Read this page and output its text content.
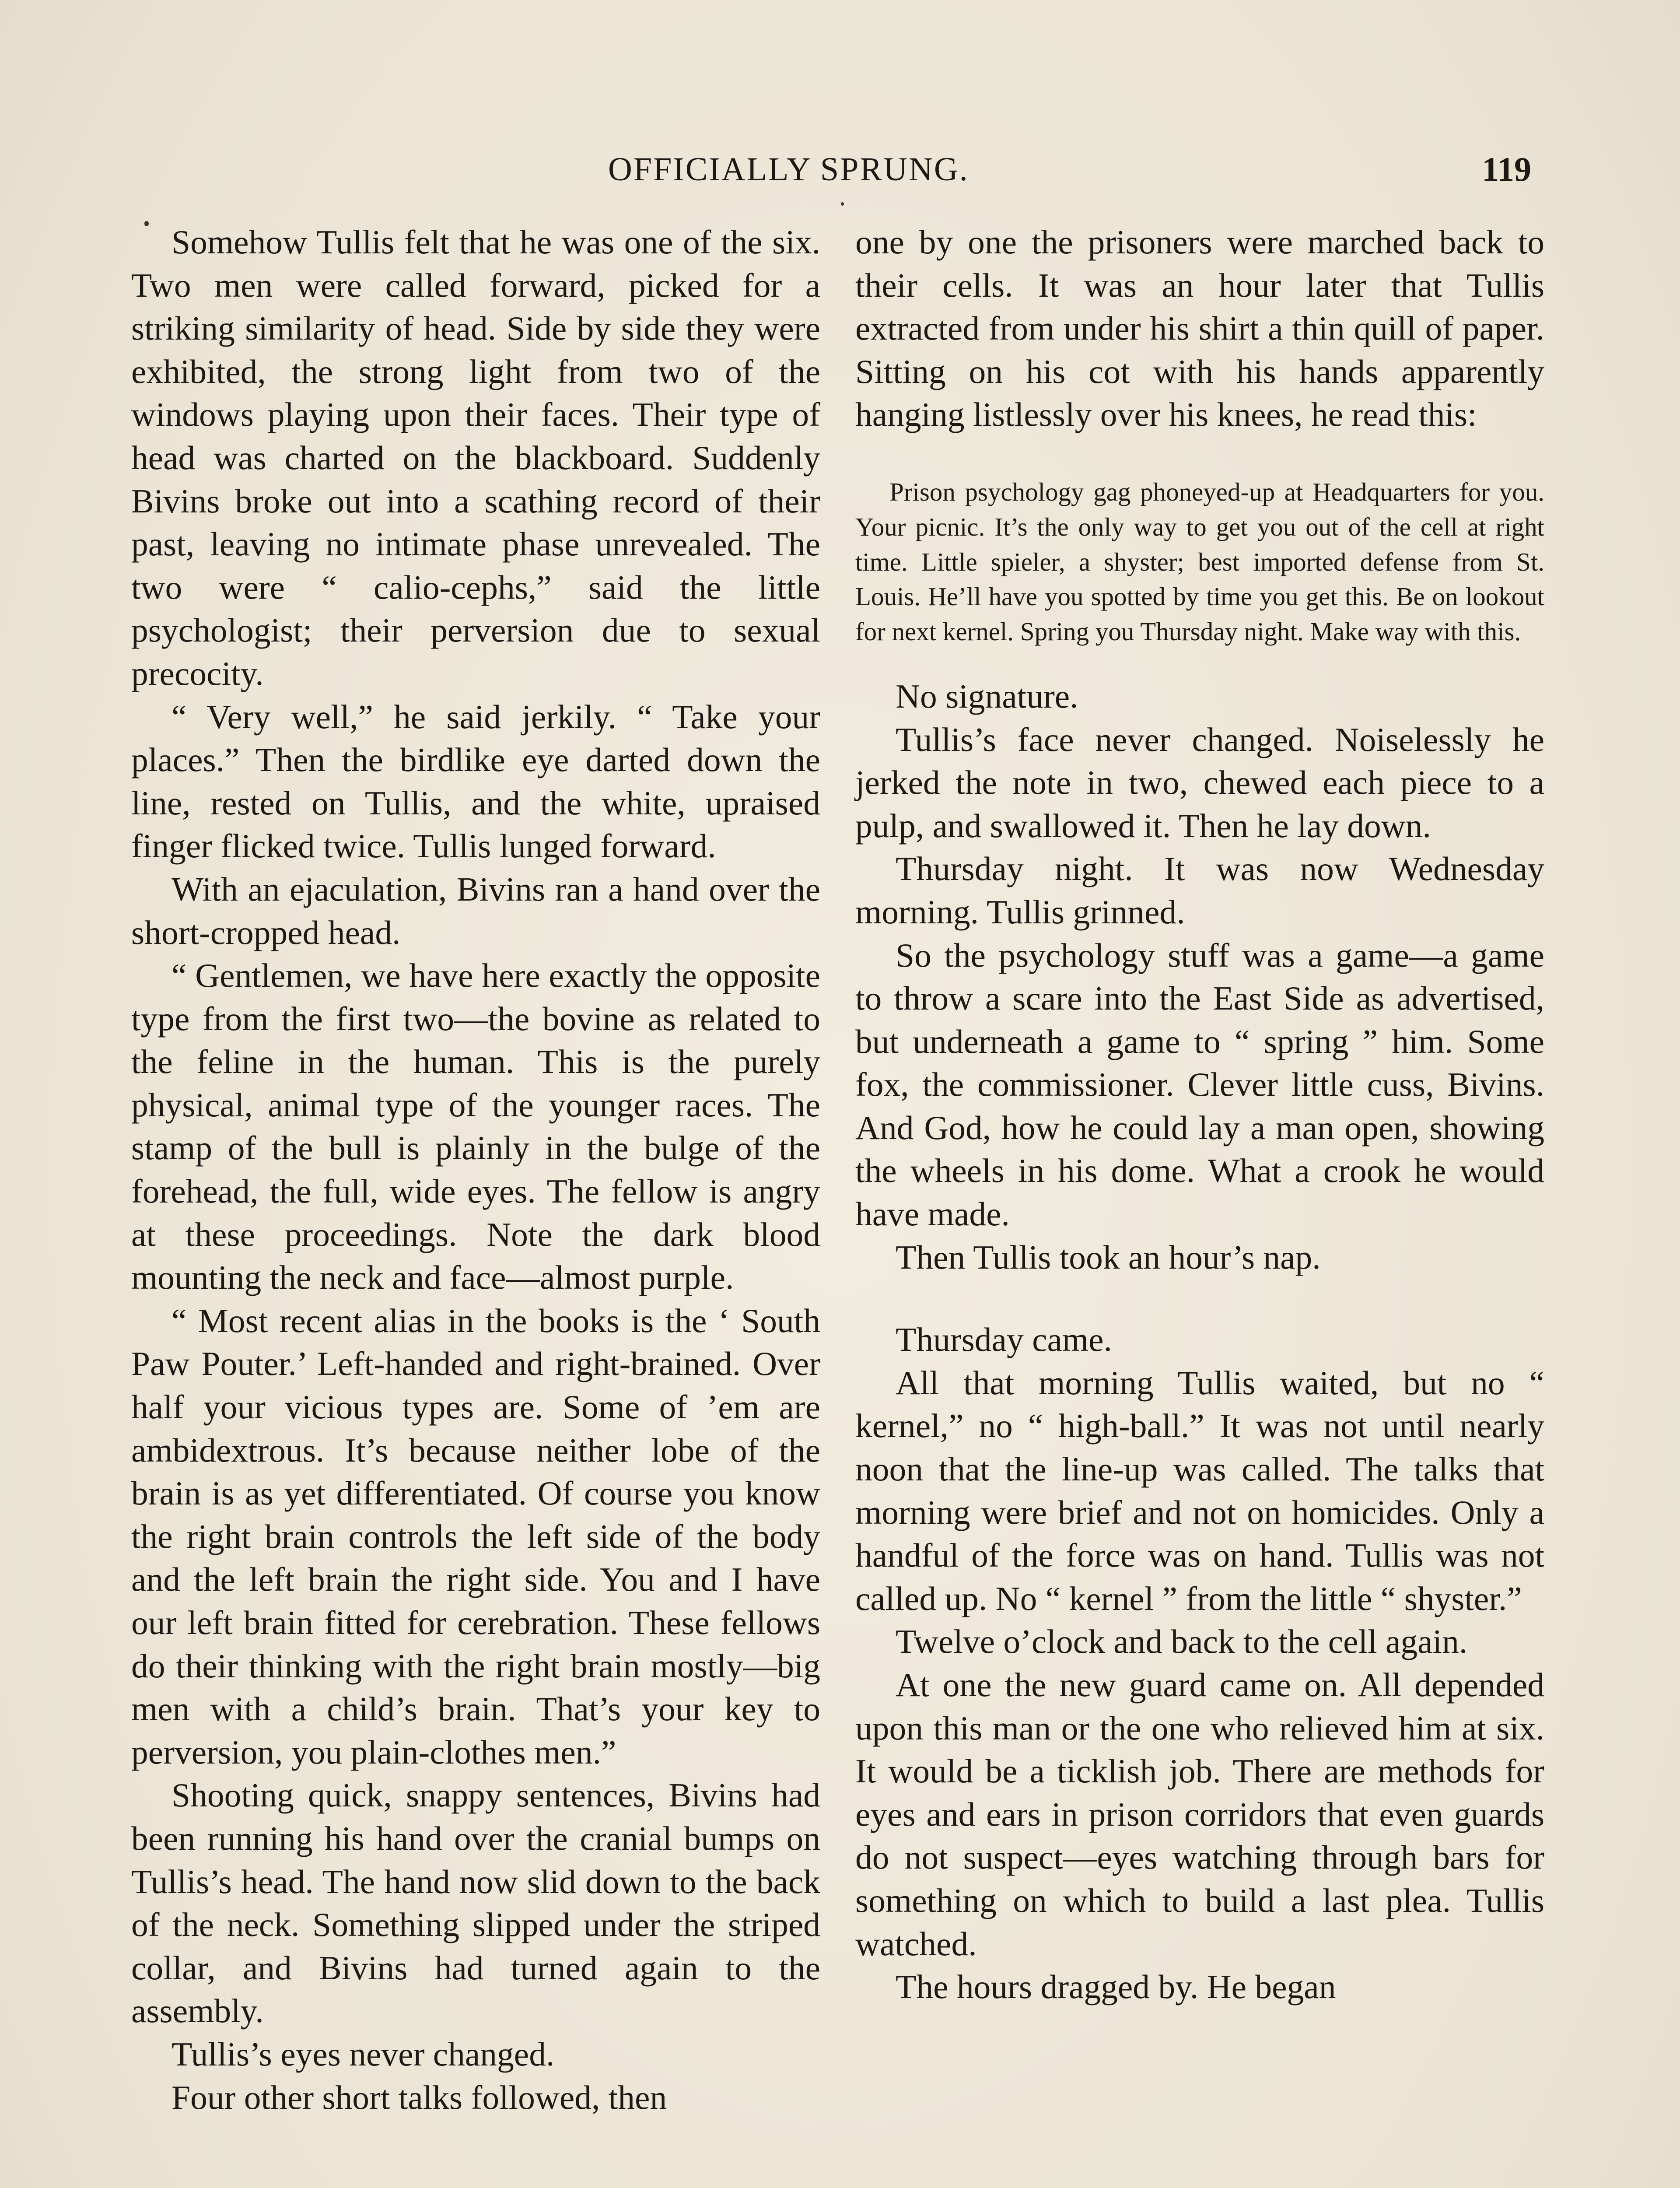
OFFICIALLY SPRUNG.	119

Somehow Tullis felt that he was one of the six. Two men were called forward, picked for a striking similarity of head. Side by side they were exhibited, the strong light from two of the windows playing upon their faces. Their type of head was charted on the blackboard. Suddenly Bivins broke out into a scathing record of their past, leaving no intimate phase unrevealed. The two were “ calio-cephs,” said the little psychologist; their perversion due to sexual precocity.

“ Very well,” he said jerkily. “ Take your places.” Then the birdlike eye darted down the line, rested on Tullis, and the white, upraised finger flicked twice. Tullis lunged forward.

With an ejaculation, Bivins ran a hand over the short-cropped head.

“ Gentlemen, we have here exactly the opposite type from the first two—the bovine as related to the feline in the human. This is the purely physical, animal type of the younger races. The stamp of the bull is plainly in the bulge of the forehead, the full, wide eyes. The fellow is angry at these proceedings. Note the dark blood mounting the neck and face—almost purple.

“ Most recent alias in the books is the ‘ South Paw Pouter.’ Left-handed and right-brained. Over half your vicious types are. Some of ’em are ambidextrous. It’s because neither lobe of the brain is as yet differentiated. Of course you know the right brain controls the left side of the body and the left brain the right side. You and I have our left brain fitted for cerebration. These fellows do their thinking with the right brain mostly—big men with a child’s brain. That’s your key to perversion, you plain-clothes men.”

Shooting quick, snappy sentences, Bivins had been running his hand over the cranial bumps on Tullis’s head. The hand now slid down to the back of the neck. Something slipped under the striped collar, and Bivins had turned again to the assembly.

Tullis’s eyes never changed.

Four other short talks followed, then

one by one the prisoners were marched back to their cells. It was an hour later that Tullis extracted from under his shirt a thin quill of paper. Sitting on his cot with his hands apparently hanging listlessly over his knees, he read this:

Prison psychology gag phoneyed-up at Headquarters for you. Your picnic. It’s the only way to get you out of the cell at right time. Little spieler, a shyster; best imported defense from St. Louis. He’ll have you spotted by time you get this. Be on lookout for next kernel. Spring you Thursday night. Make way with this.

No signature.

Tullis’s face never changed. Noiselessly he jerked the note in two, chewed each piece to a pulp, and swallowed it. Then he lay down.

Thursday night. It was now Wednesday morning. Tullis grinned.

So the psychology stuff was a game—a game to throw a scare into the East Side as advertised, but underneath a game to “ spring ” him. Some fox, the commissioner. Clever little cuss, Bivins. And God, how he could lay a man open, showing the wheels in his dome. What a crook he would have made.

Then Tullis took an hour’s nap.

Thursday came.

All that morning Tullis waited, but no “ kernel,” no “ high-ball.” It was not until nearly noon that the line-up was called. The talks that morning were brief and not on homicides. Only a handful of the force was on hand. Tullis was not called up. No “ kernel ” from the little “ shyster.”

Twelve o’clock and back to the cell again.

At one the new guard came on. All depended upon this man or the one who relieved him at six. It would be a ticklish job. There are methods for eyes and ears in prison corridors that even guards do not suspect—eyes watching through bars for something on which to build a last plea. Tullis watched.

The hours dragged by. He began
